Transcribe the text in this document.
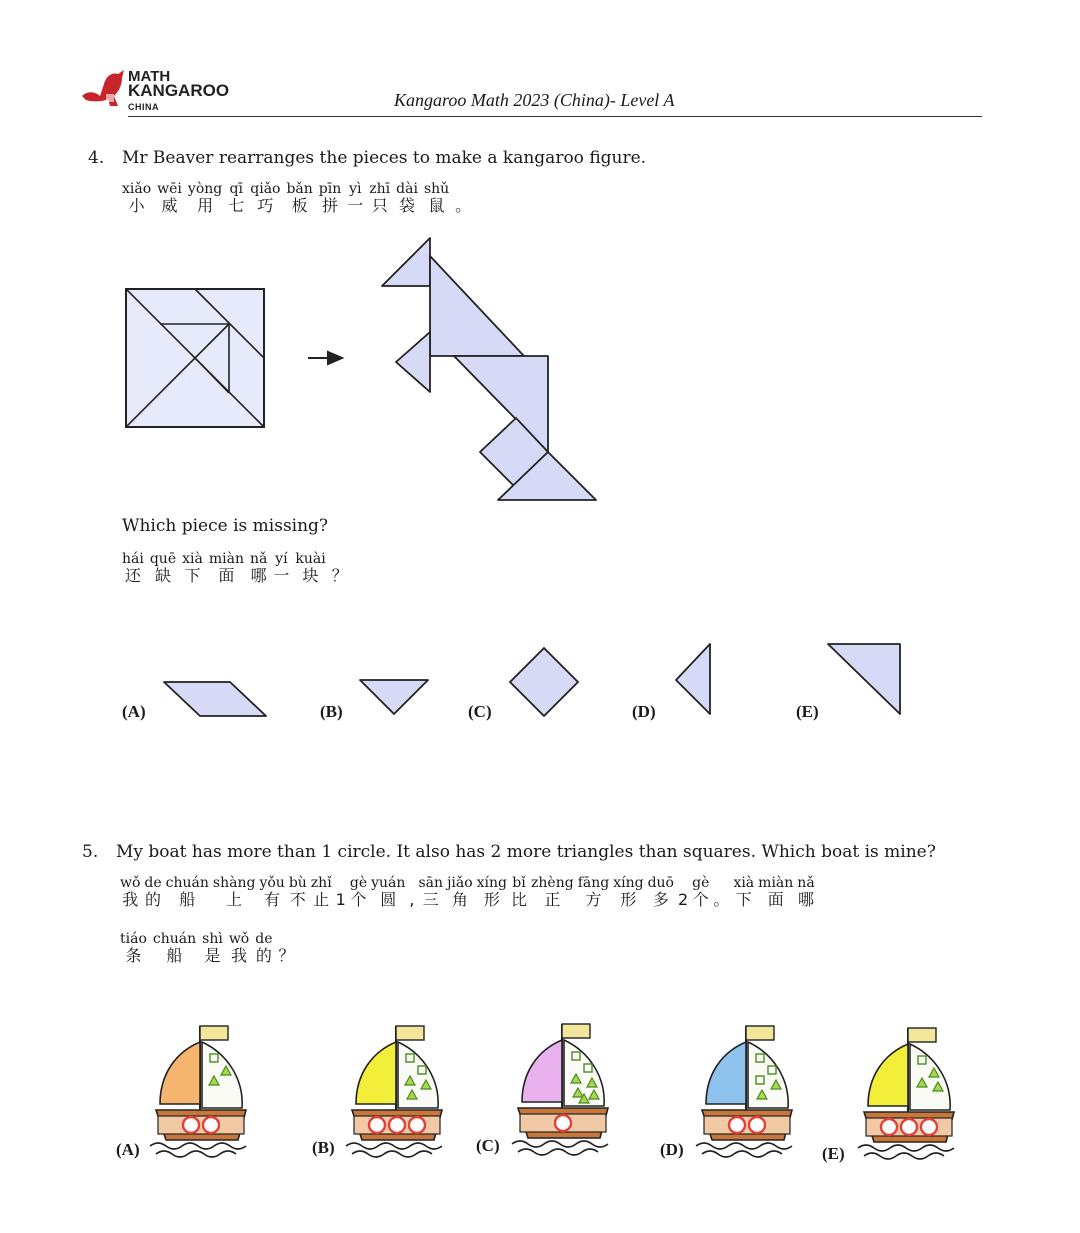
MATH
KANGAROO
CHINA	Kangaroo Math 2023 (China)- Level A
4. Mr Beaver rearranges the pieces to make a kangaroo figure.
xiǎo
小
wēi
威
yòng
用
qī
七
qiǎo
巧
bǎn
板
pīn
拼
yì
一
zhī
只
dài
袋
shǔ
鼠
。
Which piece is missing?
hái
还
quē
缺
xià
下
miàn
面
nǎ
哪
yí
一
kuài
块
？
(A)	(B)	(C)	(D)	(E)
5. My boat has more than 1 circle. It also has 2 more triangles than squares. Which boat is mine?
wǒ
我
de
的
chuán
船
shàng
上
yǒu
有
bù
不
zhǐ
止
1
gè
个
yuán
圆
,
sān
三
jiǎo
角
xíng
形
bǐ
比
zhèng
正
fāng
方
xíng
形
duō
多
2
gè
个
。
xià
下
miàn
面
nǎ
哪
tiáo
条
chuán
船
shì
是
wǒ
我
de
的
？
(A)	(B)	(C)	(D)	(E)
